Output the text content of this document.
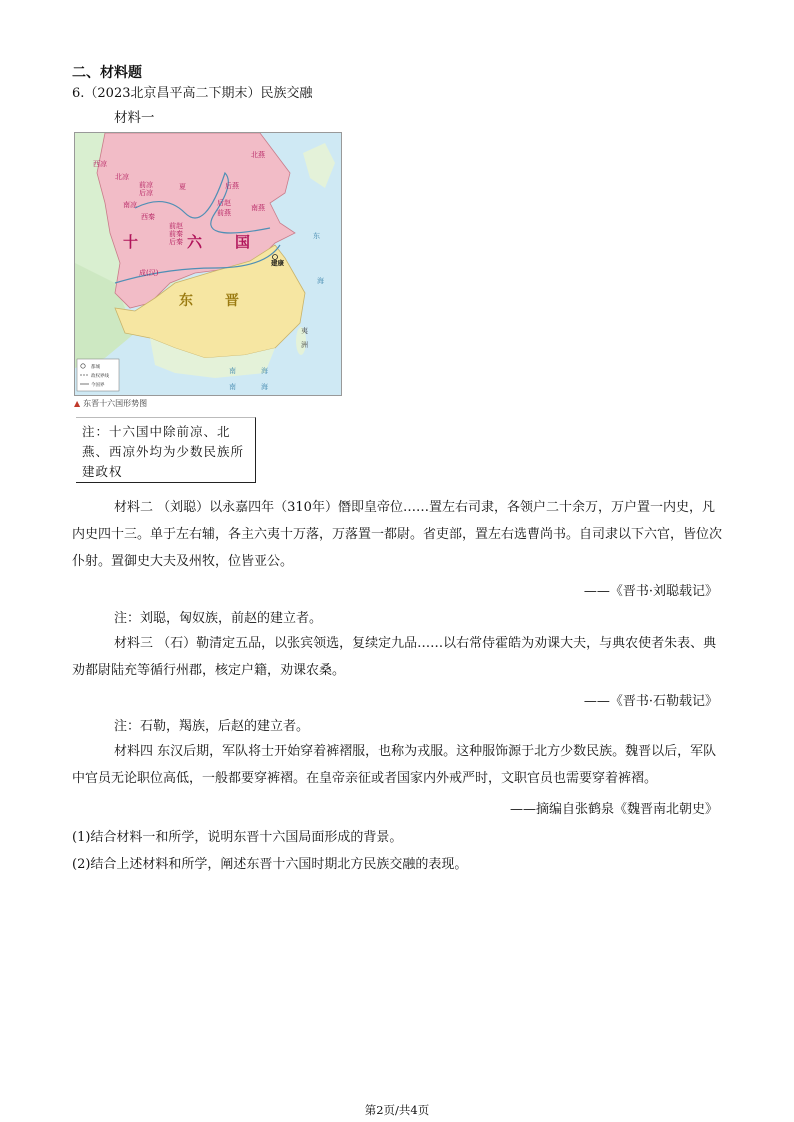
二、材料题
6.（2023北京昌平高二下期末）民族交融
材料一
都城
政权界线
今国界
西凉
北凉
前凉
后凉
南凉
西秦
夏	后燕
北燕
南燕
后赵
前燕
前赵
前秦
后秦
成(汉)
十	六 国
东 晋
建康
东
海
南	海
南	海
夷
洲
▲ 东晋十六国形势图
注：十六国中除前凉、北燕、西凉外均为少数民族所建政权
材料二 （刘聪）以永嘉四年（310年）僭即皇帝位……置左右司隶，各领户二十余万，万户置一内史，凡内史四十三。单于左右辅，各主六夷十万落，万落置一都尉。省吏部，置左右选曹尚书。自司隶以下六官，皆位次仆射。置御史大夫及州牧，位皆亚公。
——《晋书·刘聪载记》
注：刘聪，匈奴族，前赵的建立者。
材料三 （石）勒清定五品，以张宾领选，复续定九品……以右常侍霍皓为劝课大夫，与典农使者朱表、典劝都尉陆充等循行州郡，核定户籍，劝课农桑。
——《晋书·石勒载记》
注：石勒，羯族，后赵的建立者。
材料四 东汉后期，军队将士开始穿着裤褶服，也称为戎服。这种服饰源于北方少数民族。魏晋以后，军队中官员无论职位高低，一般都要穿裤褶。在皇帝亲征或者国家内外戒严时，文职官员也需要穿着裤褶。
——摘编自张鹤泉《魏晋南北朝史》
(1)结合材料一和所学，说明东晋十六国局面形成的背景。
(2)结合上述材料和所学，阐述东晋十六国时期北方民族交融的表现。
第2页/共4页
